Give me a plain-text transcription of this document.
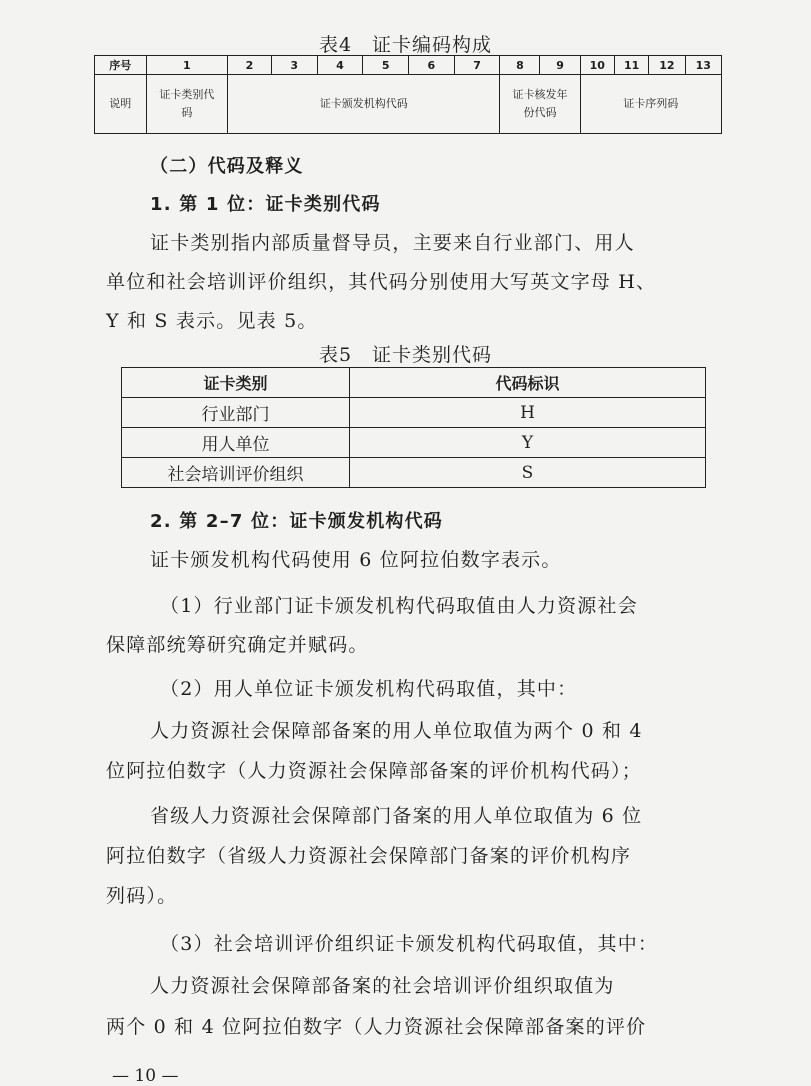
表4　证卡编码构成
序号	1	2	3	4	5	6	7	8	9	10	11	12	13
说明	证卡类别代　码	证卡颁发机构代码						证卡核发年份代码		证卡序列码			
（二）代码及释义
1. 第 1 位：证卡类别代码
证卡类别指内部质量督导员，主要来自行业部门、用人
单位和社会培训评价组织，其代码分别使用大写英文字母 H、
Y 和 S 表示。见表 5。
表5　证卡类别代码
证卡类别	代码标识
行业部门	H
用人单位	Y
社会培训评价组织	S
2. 第 2–7 位：证卡颁发机构代码
证卡颁发机构代码使用 6 位阿拉伯数字表示。
（1）行业部门证卡颁发机构代码取值由人力资源社会
保障部统筹研究确定并赋码。
（2）用人单位证卡颁发机构代码取值，其中：
人力资源社会保障部备案的用人单位取值为两个 0 和 4
位阿拉伯数字（人力资源社会保障部备案的评价机构代码）；
省级人力资源社会保障部门备案的用人单位取值为 6 位
阿拉伯数字（省级人力资源社会保障部门备案的评价机构序
列码）。
（3）社会培训评价组织证卡颁发机构代码取值，其中：
人力资源社会保障部备案的社会培训评价组织取值为
两个 0 和 4 位阿拉伯数字（人力资源社会保障部备案的评价
— 10 —
